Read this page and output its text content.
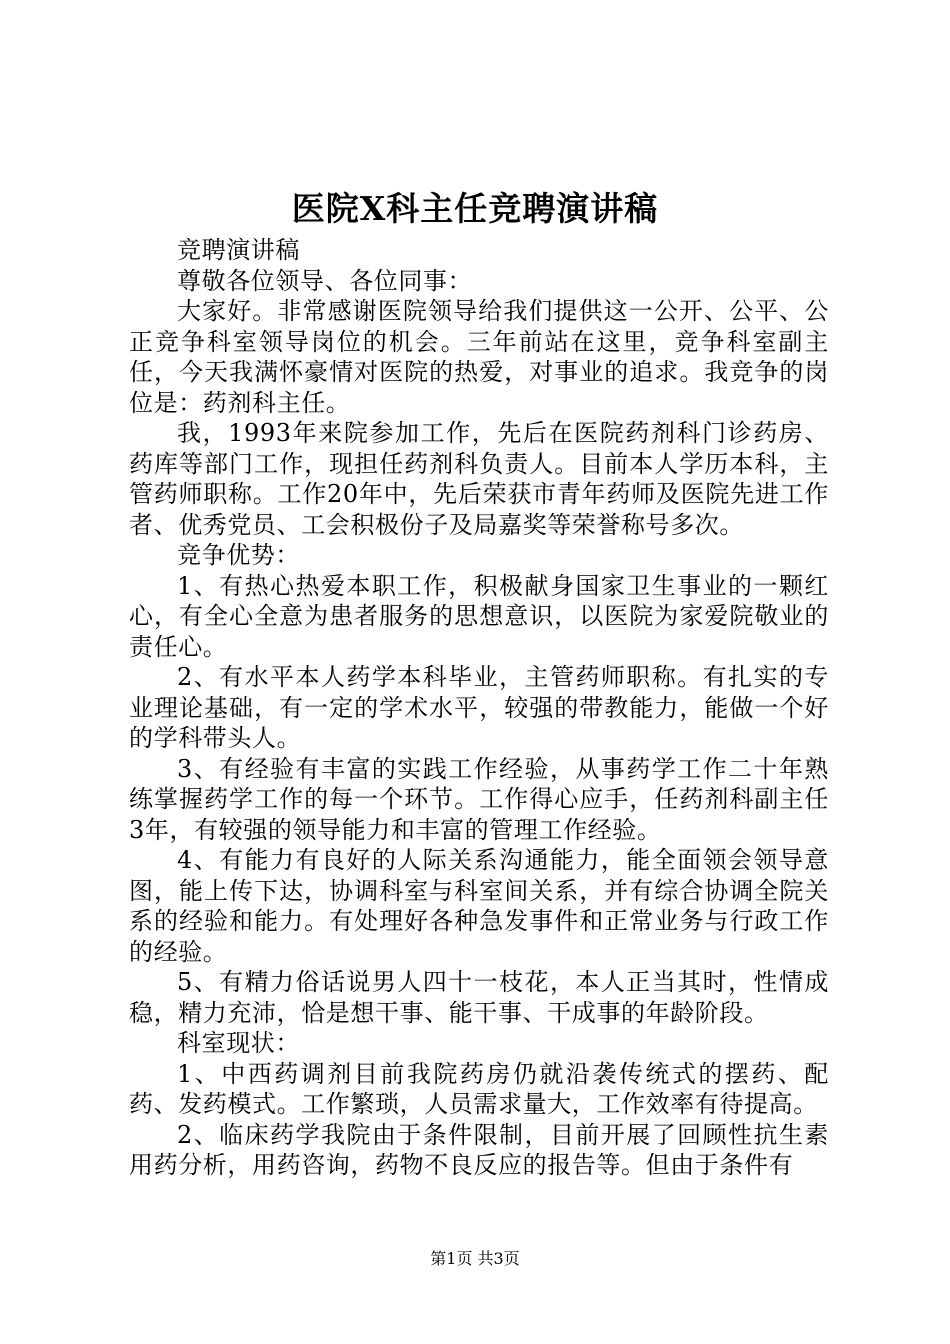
医院X科主任竞聘演讲稿

竞聘演讲稿

尊敬各位领导、各位同事：

大家好。非常感谢医院领导给我们提供这一公开、公平、公正竞争科室领导岗位的机会。三年前站在这里，竞争科室副主任，今天我满怀豪情对医院的热爱，对事业的追求。我竞争的岗位是：药剂科主任。

我，1993年来院参加工作，先后在医院药剂科门诊药房、药库等部门工作，现担任药剂科负责人。目前本人学历本科，主管药师职称。工作20年中，先后荣获市青年药师及医院先进工作者、优秀党员、工会积极份子及局嘉奖等荣誉称号多次。

竞争优势：

1、有热心热爱本职工作，积极献身国家卫生事业的一颗红心，有全心全意为患者服务的思想意识，以医院为家爱院敬业的责任心。

2、有水平本人药学本科毕业，主管药师职称。有扎实的专业理论基础，有一定的学术水平，较强的带教能力，能做一个好的学科带头人。

3、有经验有丰富的实践工作经验，从事药学工作二十年熟练掌握药学工作的每一个环节。工作得心应手，任药剂科副主任3年，有较强的领导能力和丰富的管理工作经验。

4、有能力有良好的人际关系沟通能力，能全面领会领导意图，能上传下达，协调科室与科室间关系，并有综合协调全院关系的经验和能力。有处理好各种急发事件和正常业务与行政工作的经验。

5、有精力俗话说男人四十一枝花，本人正当其时，性情成稳，精力充沛，恰是想干事、能干事、干成事的年龄阶段。

科室现状：

1、中西药调剂目前我院药房仍就沿袭传统式的摆药、配药、发药模式。工作繁琐，人员需求量大，工作效率有待提高。

2、临床药学我院由于条件限制，目前开展了回顾性抗生素用药分析，用药咨询，药物不良反应的报告等。但由于条件有

第1页 共3页
